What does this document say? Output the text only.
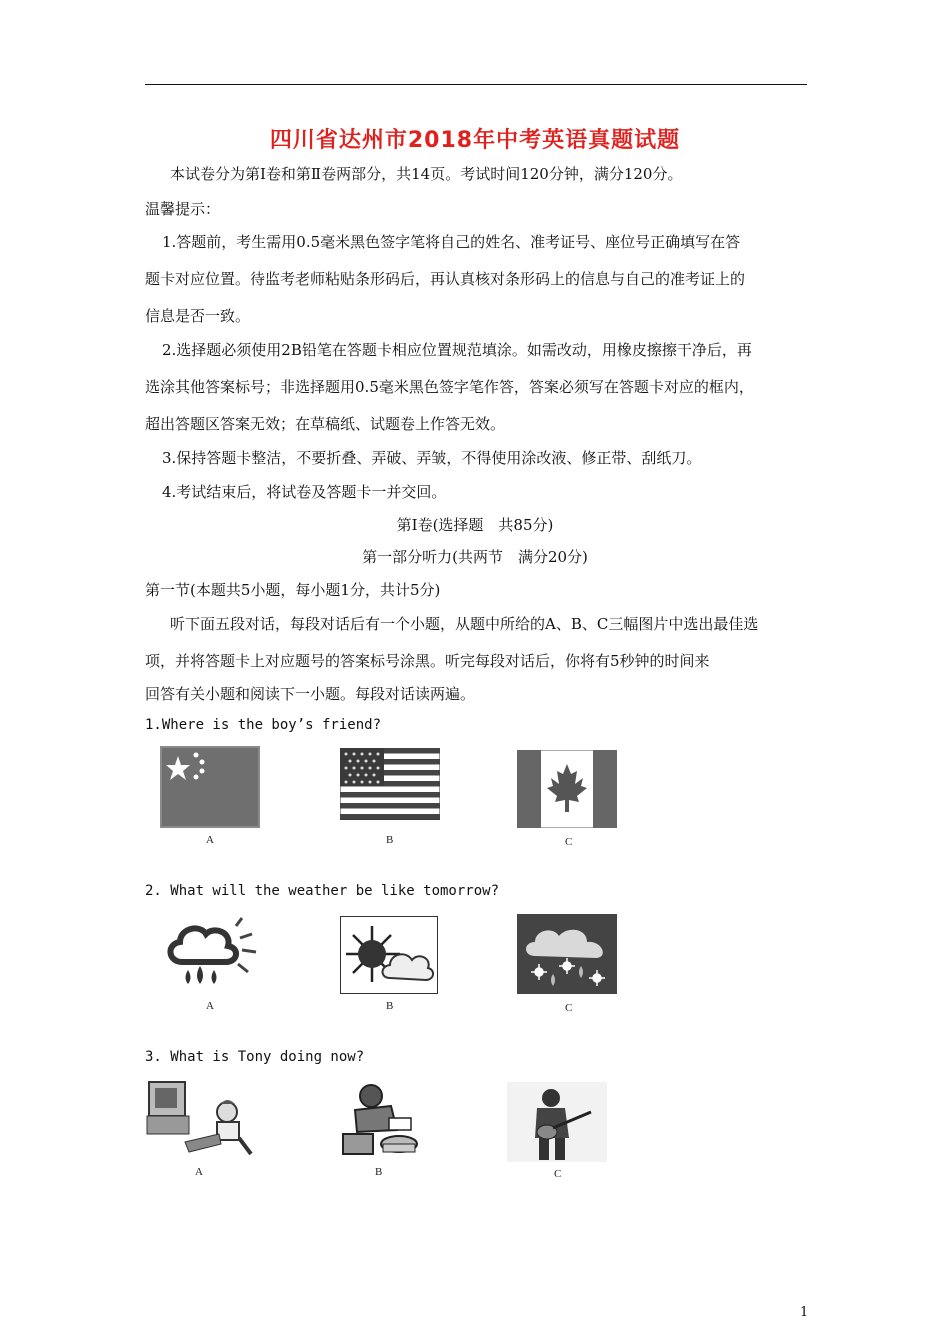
四川省达州市2018年中考英语真题试题
本试卷分为第Ⅰ卷和第Ⅱ卷两部分，共14页。考试时间120分钟，满分120分。
温馨提示：
1.答题前，考生需用0.5毫米黑色签字笔将自己的姓名、准考证号、座位号正确填写在答
题卡对应位置。待监考老师粘贴条形码后，再认真核对条形码上的信息与自己的准考证上的
信息是否一致。
2.选择题必须使用2B铅笔在答题卡相应位置规范填涂。如需改动，用橡皮擦擦干净后，再
选涂其他答案标号；非选择题用0.5毫米黑色签字笔作答，答案必须写在答题卡对应的框内，
超出答题区答案无效；在草稿纸、试题卷上作答无效。
3.保持答题卡整洁，不要折叠、弄破、弄皱，不得使用涂改液、修正带、刮纸刀。
4.考试结束后，将试卷及答题卡一并交回。
第Ⅰ卷(选择题　共85分)
第一部分听力(共两节　满分20分)
第一节(本题共5小题，每小题1分，共计5分)
听下面五段对话，每段对话后有一个小题，从题中所给的A、B、C三幅图片中选出最佳选
项，并将答题卡上对应题号的答案标号涂黑。听完每段对话后，你将有5秒钟的时间来
回答有关小题和阅读下一小题。每段对话读两遍。
1.Where is the boy’s friend?
A	B	C
2. What will the weather be like tomorrow?
A	B	C
3. What is Tony doing now?
A	B	C
1
